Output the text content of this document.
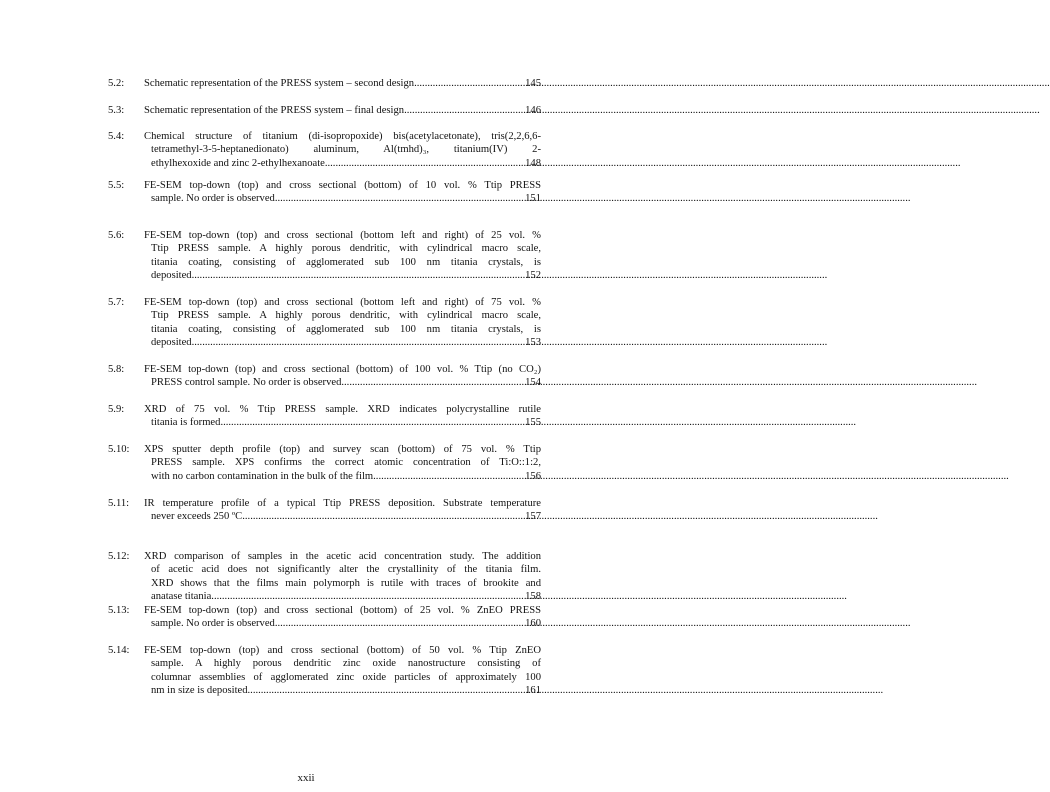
5.2:	Schematic representation of the PRESS system – second design .....	145
5.3:	Schematic representation of the PRESS system – final design .....	146
5.4:	Chemical structure of titanium (di-isopropoxide) bis(acetylacetonate), tris(2,2,6,6-
tetramethyl-3-5-heptanedionato) aluminum, Al(tmhd)₃, titanium(IV) 2-
ethylhexoxide and zinc 2-ethylhexanoate .....	148
5.5:	FE-SEM top-down (top) and cross sectional (bottom) of 10 vol. % Ttip PRESS
sample. No order is observed .....	151
5.6:	FE-SEM top-down (top) and cross sectional (bottom left and right) of 25 vol. %
Ttip PRESS sample. A highly porous dendritic, with cylindrical macro scale,
titania coating, consisting of agglomerated sub 100 nm titania crystals, is
deposited .....	152
5.7:	FE-SEM top-down (top) and cross sectional (bottom left and right) of 75 vol. %
Ttip PRESS sample. A highly porous dendritic, with cylindrical macro scale,
titania coating, consisting of agglomerated sub 100 nm titania crystals, is
deposited .....	153
5.8:	FE-SEM top-down (top) and cross sectional (bottom) of 100 vol. % Ttip (no CO₂)
PRESS control sample. No order is observed .....	154
5.9:	XRD of 75 vol. % Ttip PRESS sample. XRD indicates polycrystalline rutile
titania is formed .....	155
5.10:	XPS sputter depth profile (top) and survey scan (bottom) of 75 vol. % Ttip
PRESS sample. XPS confirms the correct atomic concentration of Ti:O::1:2,
with no carbon contamination in the bulk of the film .....	156
5.11:	IR temperature profile of a typical Ttip PRESS deposition. Substrate temperature
never exceeds 250 ºC .....	157
5.12:	XRD comparison of samples in the acetic acid concentration study. The addition
of acetic acid does not significantly alter the crystallinity of the titania film.
XRD shows that the films main polymorph is rutile with traces of brookite and
anatase titania .....	158
5.13:	FE-SEM top-down (top) and cross sectional (bottom) of 25 vol. % ZnEO PRESS
sample. No order is observed .....	160
5.14:	FE-SEM top-down (top) and cross sectional (bottom) of 50 vol. % Ttip ZnEO
sample. A highly porous dendritic zinc oxide nanostructure consisting of
columnar assemblies of agglomerated zinc oxide particles of approximately 100
nm in size is deposited .....	161
xxii
